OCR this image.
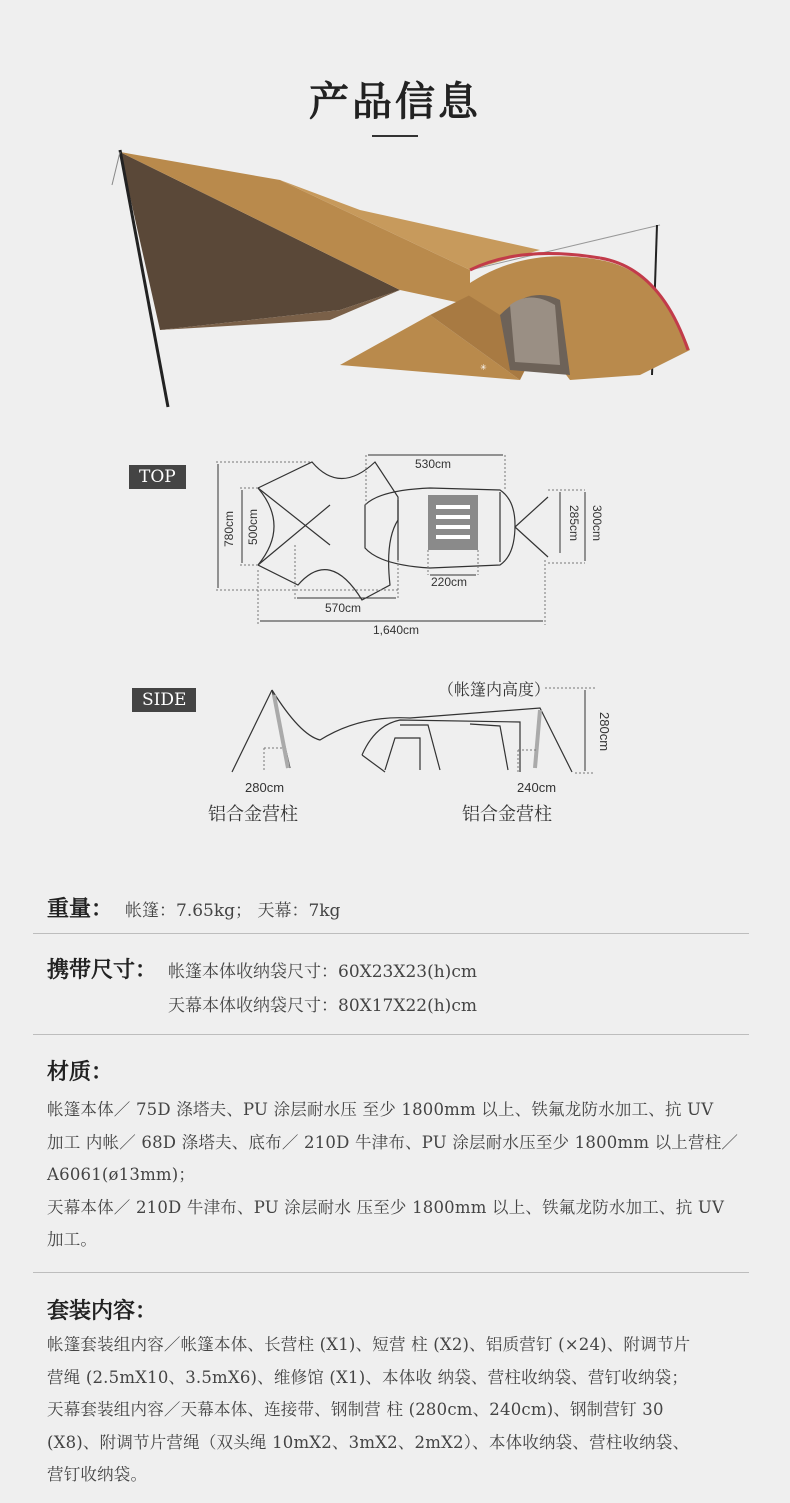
产品信息
✳
TOP
530cm
780cm 500cm	285cm 300cm
220cm
570cm
1,640cm
SIDE
（帐篷内高度）
280cm
280cm	240cm
铝合金营柱	铝合金营柱
重量： 帐篷：7.65kg； 天幕：7kg
携带尺寸： 帐篷本体收纳袋尺寸：60X23X23(h)cm
天幕本体收纳袋尺寸：80X17X22(h)cm
材质：
帐篷本体／ 75D 涤塔夫、PU 涂层耐水压 至少 1800mm 以上、铁氟龙防水加工、抗 UV
加工 内帐／ 68D 涤塔夫、底布／ 210D 牛津布、PU 涂层耐水压至少 1800mm 以上营柱／
A6061(ø13mm)；
天幕本体／ 210D 牛津布、PU 涂层耐水 压至少 1800mm 以上、铁氟龙防水加工、抗 UV
加工。
套装内容：
帐篷套装组内容／帐篷本体、长营柱 (X1)、短营 柱 (X2)、铝质营钉 (×24)、附调节片
营绳 (2.5mX10、3.5mX6)、维修馆 (X1)、本体收 纳袋、营柱收纳袋、营钉收纳袋；
天幕套装组内容／天幕本体、连接带、钢制营 柱 (280cm、240cm)、钢制营钉 30
(X8)、附调节片营绳（双头绳 10mX2、3mX2、2mX2）、本体收纳袋、营柱收纳袋、
营钉收纳袋。
